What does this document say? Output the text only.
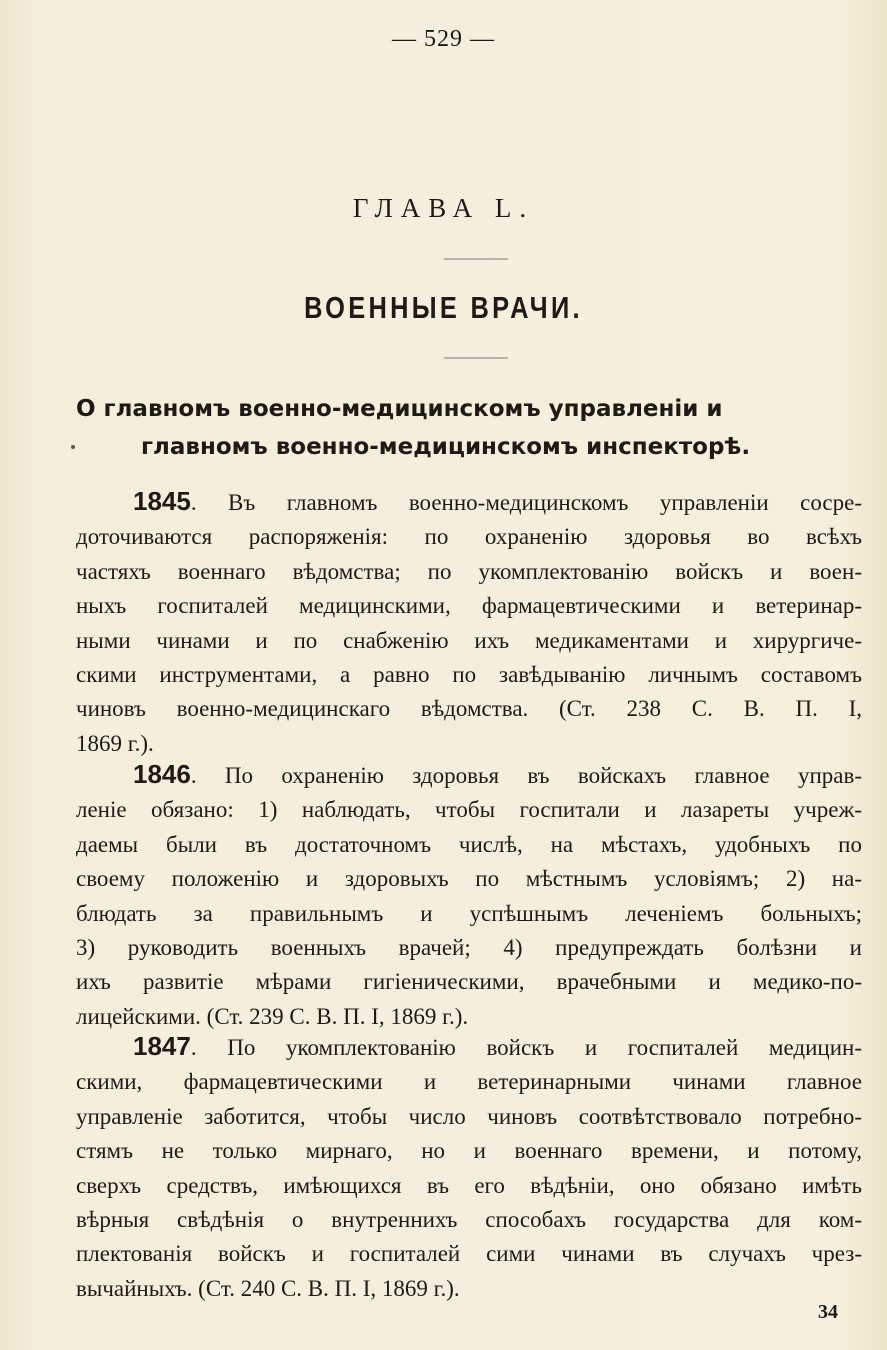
— 529 —
ГЛАВА L.
ВОЕННЫЕ ВРАЧИ.
О главномъ военно-медицинскомъ управленіи и
главномъ военно-медицинскомъ инспекторѣ.
1845. Въ главномъ военно-медицинскомъ управленіи сосре-
доточиваются распоряженія: по охраненію здоровья во всѣхъ
частяхъ военнаго вѣдомства; по укомплектованію войскъ и воен-
ныхъ госпиталей медицинскими, фармацевтическими и ветеринар-
ными чинами и по снабженію ихъ медикаментами и хирургиче-
скими инструментами, а равно по завѣдыванію личнымъ составомъ
чиновъ военно-медицинскаго вѣдомства. (Ст. 238 С. В. П. I,
1869 г.).
1846. По охраненію здоровья въ войскахъ главное управ-
леніе обязано: 1) наблюдать, чтобы госпитали и лазареты учреж-
даемы были въ достаточномъ числѣ, на мѣстахъ, удобныхъ по
своему положенію и здоровыхъ по мѣстнымъ условіямъ; 2) на-
блюдать за правильнымъ и успѣшнымъ леченіемъ больныхъ;
3) руководить военныхъ врачей; 4) предупреждать болѣзни и
ихъ развитіе мѣрами гигіеническими, врачебными и медико-по-
лицейскими. (Ст. 239 С. В. П. I, 1869 г.).
1847. По укомплектованію войскъ и госпиталей медицин-
скими, фармацевтическими и ветеринарными чинами главное
управленіе заботится, чтобы число чиновъ соотвѣтствовало потребно-
стямъ не только мирнаго, но и военнаго времени, и потому,
сверхъ средствъ, имѣющихся въ его вѣдѣніи, оно обязано имѣть
вѣрныя свѣдѣнія о внутреннихъ способахъ государства для ком-
плектованія войскъ и госпиталей сими чинами въ случахъ чрез-
вычайныхъ. (Ст. 240 С. В. П. I, 1869 г.).
34
